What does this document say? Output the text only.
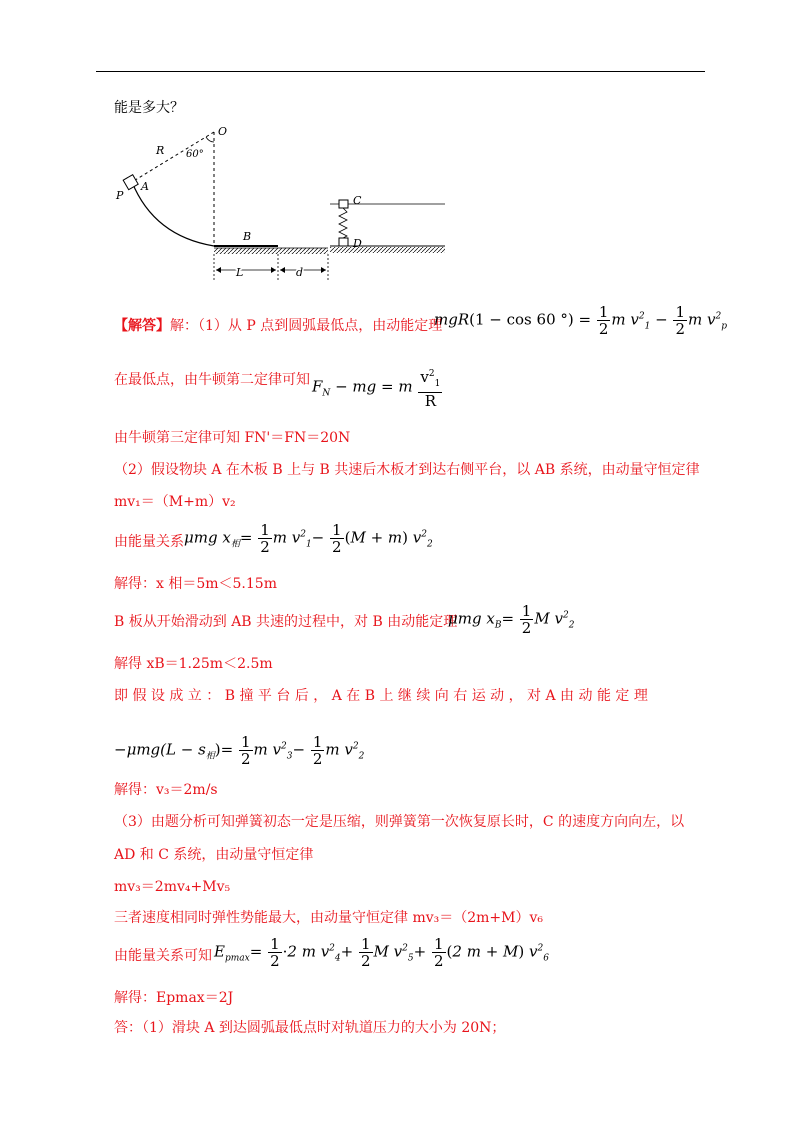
能是多大？
O
R 60°
P
A
B
C
D
L	d
【解答】解：（1）从 P 点到圆弧最低点，由动能定理
mgR(1 − cos 60 °) = $\frac{1}{2}$ m $v^2_1 - \frac{1}{2}$ m $v^2_p$
在最低点，由牛顿第二定律可知 $F_N$ − mg = m $\frac{v^2_1}{R}$
由牛顿第三定律可知 FN'＝FN＝20N
（2）假设物块 A 在木板 B 上与 B 共速后木板才到达右侧平台，以 AB 系统，由动量守恒定律
mv₁＝（M+m）v₂
由能量关系 μmg $x_相= \frac{1}{2}$ m $v^2_1- \frac{1}{2} (M + m)$ $v^2_2$
解得：x 相＝5m＜5.15m
B 板从开始滑动到 AB 共速的过程中，对 B 由动能定理
μmg $x_B= \frac{1}{2}$ M $v^2_2$
解得 xB＝1.25m＜2.5m
即 假 设 成 立 ： B 撞 平 台 后 ， A 在 B 上 继 续 向 右 运 动 ， 对 A 由 动 能 定 理
$-\mu mg(L - s_相)= \frac{1}{2}$ m $v^2_3- \frac{1}{2}$ m $v^2_2$
解得：v₃＝2m/s
（3）由题分析可知弹簧初态一定是压缩，则弹簧第一次恢复原长时，C 的速度方向向左，以
AD 和 C 系统，由动量守恒定律
mv₃＝2mv₄+Mv₅
三者速度相同时弹性势能最大，由动量守恒定律 mv₃＝（2m+M）v₆
由能量关系可知 $E_{pmax}= \frac{1}{2} \cdot 2$ m $v^2_4+ \frac{1}{2}$ M $v^2_5+ \frac{1}{2} (2$ m + M) $v^2_6$
解得：Epmax＝2J
答：（1）滑块 A 到达圆弧最低点时对轨道压力的大小为 20N；
